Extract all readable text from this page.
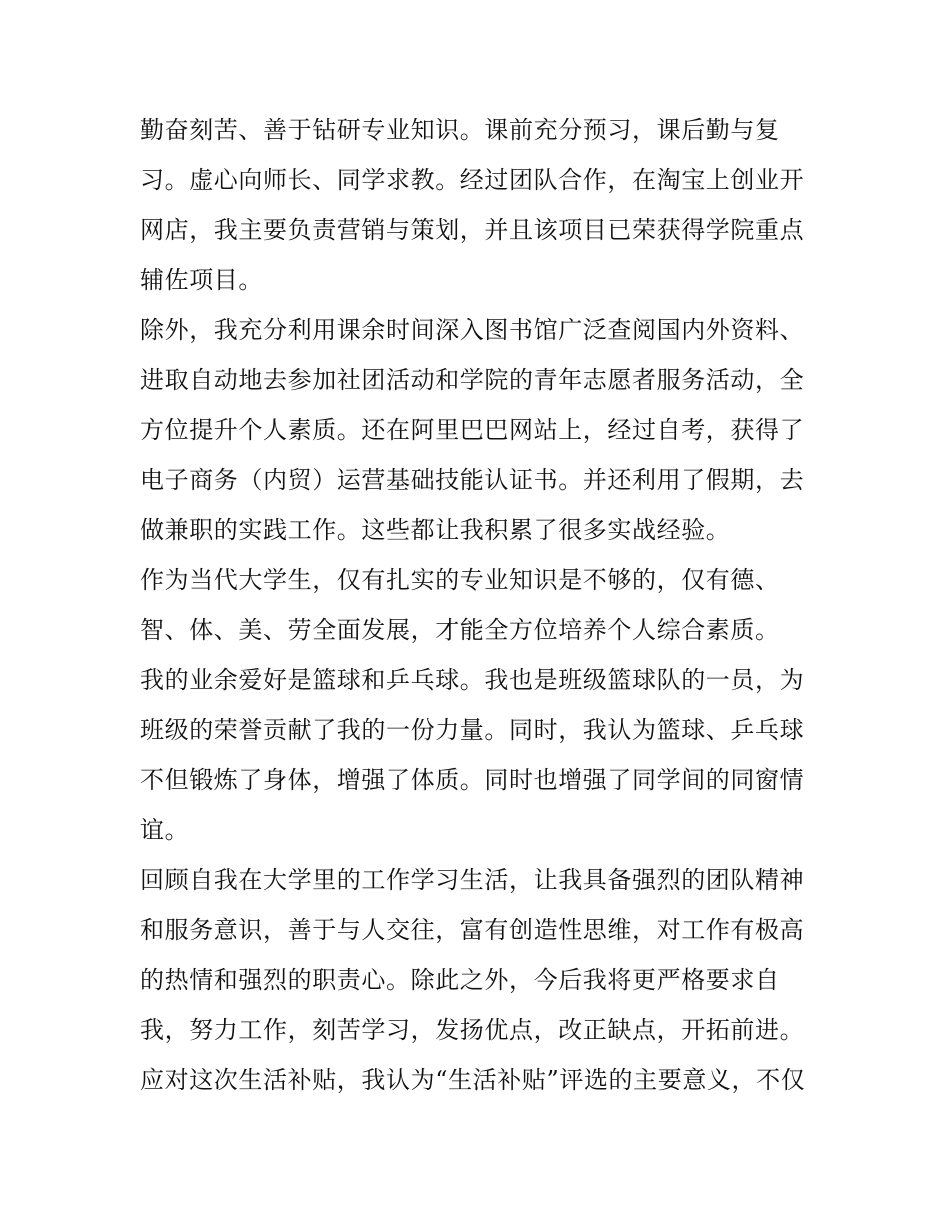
勤奋刻苦、善于钻研专业知识。课前充分预习，课后勤与复
习。虚心向师长、同学求教。经过团队合作，在淘宝上创业开
网店，我主要负责营销与策划，并且该项目已荣获得学院重点
辅佐项目。
除外，我充分利用课余时间深入图书馆广泛查阅国内外资料、
进取自动地去参加社团活动和学院的青年志愿者服务活动，全
方位提升个人素质。还在阿里巴巴网站上，经过自考，获得了
电子商务（内贸）运营基础技能认证书。并还利用了假期，去
做兼职的实践工作。这些都让我积累了很多实战经验。
作为当代大学生，仅有扎实的专业知识是不够的，仅有德、
智、体、美、劳全面发展，才能全方位培养个人综合素质。
我的业余爱好是篮球和乒乓球。我也是班级篮球队的一员，为
班级的荣誉贡献了我的一份力量。同时，我认为篮球、乒乓球
不但锻炼了身体，增强了体质。同时也增强了同学间的同窗情
谊。
回顾自我在大学里的工作学习生活，让我具备强烈的团队精神
和服务意识，善于与人交往，富有创造性思维，对工作有极高
的热情和强烈的职责心。除此之外，今后我将更严格要求自
我，努力工作，刻苦学习，发扬优点，改正缺点，开拓前进。
应对这次生活补贴，我认为“生活补贴”评选的主要意义，不仅
